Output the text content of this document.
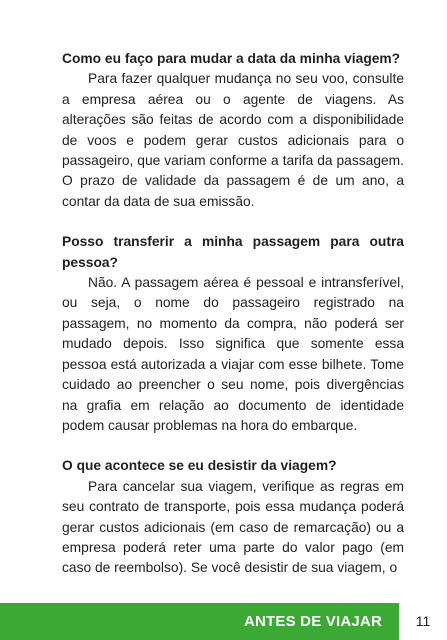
Como eu faço para mudar a data da minha viagem?

Para fazer qualquer mudança no seu voo, consulte a empresa aérea ou o agente de viagens. As alterações são feitas de acordo com a disponibilidade de voos e podem gerar custos adicionais para o passageiro, que variam conforme a tarifa da passagem. O prazo de validade da passagem é de um ano, a contar da data de sua emissão.

Posso transferir a minha passagem para outra pessoa?

Não. A passagem aérea é pessoal e intransferível, ou seja, o nome do passageiro registrado na passagem, no momento da compra, não poderá ser mudado depois. Isso significa que somente essa pessoa está autorizada a viajar com esse bilhete. Tome cuidado ao preencher o seu nome, pois divergências na grafia em relação ao documento de identidade podem causar problemas na hora do embarque.

O que acontece se eu desistir da viagem?

Para cancelar sua viagem, verifique as regras em seu contrato de transporte, pois essa mudança poderá gerar custos adicionais (em caso de remarcação) ou a empresa poderá reter uma parte do valor pago (em caso de reembolso). Se você desistir de sua viagem, o

ANTES DE VIAJAR	11
